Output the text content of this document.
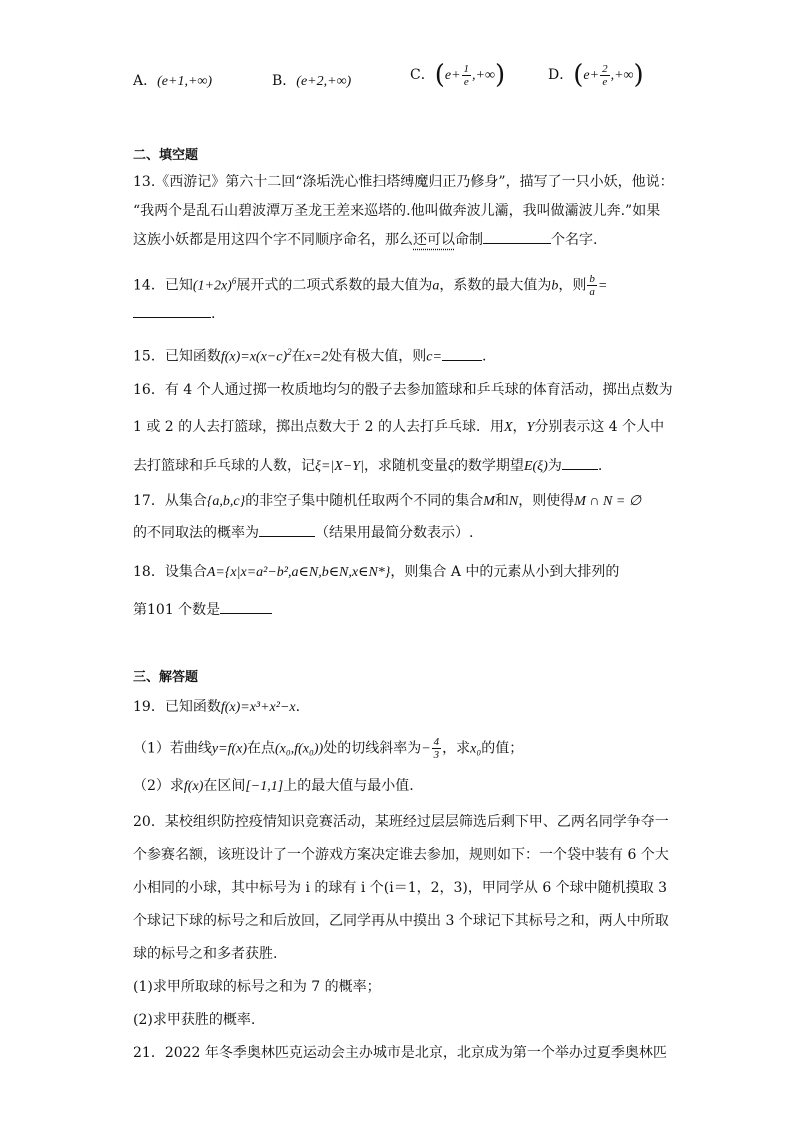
A．(e+1,+∞)	B．(e+2,+∞)	C．($e+ \frac{1}{e}$ ,+∞)	D．($e+ \frac{2}{e}$ ,+∞)
二、填空题
13.《西游记》第六十二回“涤垢洗心惟扫塔缚魔归正乃修身”，描写了一只小妖，他说：
“我两个是乱石山碧波潭万圣龙王差来巡塔的.他叫做奔波儿灞，我叫做灞波儿奔.”如果
这族小妖都是用这四个字不同顺序命名，那么还可以命制	个名字.
14．已知$(1+2x)^6$展开式的二项式系数的最大值为a，系数的最大值为b，则 $\frac{b}{a}$ =
.
15．已知函数$f(x)=x(x-c)^2$在x=2处有极大值，则c=	.
16．有 4 个人通过掷一枚质地均匀的骰子去参加篮球和乒乓球的体育活动，掷出点数为
1 或 2 的人去打篮球，掷出点数大于 2 的人去打乒乓球．用X，Y分别表示这 4 个人中
去打篮球和乒乓球的人数，记ξ=|X−Y|，求随机变量ξ的数学期望E(ξ)为	.
17．从集合{a,b,c}的非空子集中随机任取两个不同的集合M和N，则使得M ∩ N = ∅
的不同取法的概率为	（结果用最简分数表示）.
18．设集合A={x|x=a²−b²,a∈N,b∈N,x∈N*}，则集合 A 中的元素从小到大排列的
第101 个数是
三、解答题
19．已知函数f(x)=x³+x²−x.
（1）若曲线y=f(x)在点(x₀,f(x₀))处的切线斜率为− $\frac{4}{3}$ ，求x₀的值；
（2）求f(x)在区间[−1,1]上的最大值与最小值.
20．某校组织防控疫情知识竞赛活动，某班经过层层筛选后剩下甲、乙两名同学争夺一
个参赛名额，该班设计了一个游戏方案决定谁去参加，规则如下：一个袋中装有 6 个大
小相同的小球，其中标号为 i 的球有 i 个(i＝1，2，3)，甲同学从 6 个球中随机摸取 3
个球记下球的标号之和后放回，乙同学再从中摸出 3 个球记下其标号之和，两人中所取
球的标号之和多者获胜.
(1)求甲所取球的标号之和为 7 的概率；
(2)求甲获胜的概率.
21．2022 年冬季奥林匹克运动会主办城市是北京，北京成为第一个举办过夏季奥林匹
